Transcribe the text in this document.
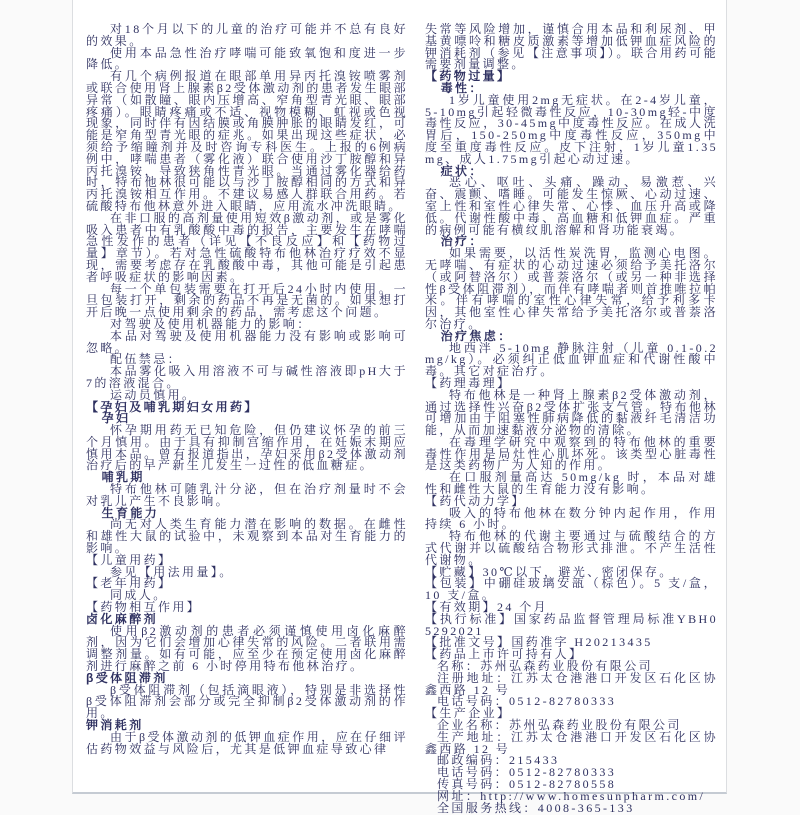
对18个月以下的儿童的治疗可能并不总有良好的效果。

使用本品急性治疗哮喘可能致氧饱和度进一步降低。

有几个病例报道在眼部单用异丙托溴铵喷雾剂或联合使用肾上腺素β2受体激动剂的患者发生眼部异常（如散瞳、眼内压增高、窄角型青光眼、眼部疼痛）。眼睛疼痛或不适、视物模糊、虹视或色视现象，同时伴有因结膜或角膜肿胀的眼睛发红，可能是窄角型青光眼的症兆。如果出现这些症状，必须给予缩瞳剂并及时咨询专科医生。上报的6例病例中，哮喘患者（雾化液）联合使用沙丁胺醇和异丙托溴铵，导致狭角性青光眼。当通过雾化器给药时，特布他林很可能以与沙丁胺醇相同的方式和异丙托溴铵相互作用。不建议易感人群联合用药。若硫酸特布他林意外进入眼睛，应用流水冲洗眼睛。

在非口服的高剂量使用短效β激动剂，或是雾化吸入患者中有乳酸酸中毒的报告，主要发生在哮喘急性发作的患者（详见【不良反应】和【药物过量】章节）。若对急性硫酸特布他林治疗疗效不显现，需要考虑存在乳酸酸中毒，其他可能是引起患者呼吸症状的影响因素。

每一个单包装需要在打开后24小时内使用。一旦包装打开，剩余的药品不再是无菌的。如果想打开后晚一点使用剩余的药品，需考虑这个问题。

对驾驶及使用机器能力的影响：

本品对驾驶及使用机器能力没有影响或影响可忽略。

配伍禁忌：

本品雾化吸入用溶液不可与碱性溶液即pH大于7的溶液混合。

运动员慎用。

【孕妇及哺乳期妇女用药】

孕妇

怀孕期用药无已知危险，但仍建议怀孕的前三个月慎用。由于具有抑制宫缩作用，在妊娠末期应慎用本品。曾有报道指出，孕妇采用β2受体激动剂治疗后的早产新生儿发生一过性的低血糖症。

哺乳期

特布他林可随乳汁分泌，但在治疗剂量时不会对乳儿产生不良影响。

生育能力

尚无对人类生育能力潜在影响的数据。在雌性和雄性大鼠的试验中，未观察到本品对生育能力的影响。

【儿童用药】

参见【用法用量】。

【老年用药】

同成人。

【药物相互作用】

卤化麻醉剂

使用β2激动剂的患者必须谨慎使用卤化麻醉剂，因为它们会增加心律失常的风险。二者联用需调整剂量。如有可能，应至少在预定使用卤化麻醉剂进行麻醉之前 6 小时停用特布他林治疗。

β受体阻滞剂

β受体阻滞剂（包括滴眼液），特别是非选择性β受体阻滞剂会部分或完全抑制β2受体激动剂的作用。

钾消耗剂

由于β受体激动剂的低钾血症作用，应在仔细评估药物效益与风险后，尤其是低钾血症导致心律

失常等风险增加，谨慎合用本品和利尿剂、甲基黄嘌呤和糖皮质激素等增加低钾血症风险的钾消耗剂（参见【注意事项】）。联合用药可能需要剂量调整。

【药物过量】

毒性：

1岁儿童使用2mg无症状。在2-4岁儿童，5-10mg引起轻微毒性反应，10-30mg轻-中度毒性反应，30-45mg中度毒性反应。在成人洗胃后，150-250mg中度毒性反应，350mg中度至重度毒性反应。皮下注射，1岁儿童1.35mg、成人1.75mg引起心动过速。

症状：

恶心、呕吐、头痛、躁动、易激惹、兴奋、震颤、嗜睡。可能发生惊厥、心动过速、室上性和室性心律失常、心悸、血压升高或降低。代谢性酸中毒、高血糖和低钾血症。严重的病例可能有横纹肌溶解和肾功能衰竭。

治疗：

如果需要，以活性炭洗胃，监测心电图。无哮喘、有症状的心动过速必须给予美托洛尔（或阿替洛尔）或普萘洛尔（或另一种非选择性β受体阻滞剂），而伴有哮喘者则首推唯拉帕米。伴有哮喘的室性心律失常，给予利多卡因，其他室性心律失常给予美托洛尔或普萘洛尔治疗。

治疗焦虑：

地西泮 5-10mg 静脉注射（儿童 0.1-0.2mg/kg）。必须纠正低血钾血症和代谢性酸中毒。其它对症治疗。

【药理毒理】

特布他林是一种肾上腺素β2受体激动剂，通过选择性兴奋β2受体扩张支气管。特布他林可增加由于阻塞性肺病降低的黏液纤毛清洁功能，从而加速黏液分泌物的清除。

在毒理学研究中观察到的特布他林的重要毒性作用是局灶性心肌坏死。该类型心脏毒性是这类药物广为人知的作用。

在口服剂量高达 50mg/kg 时，本品对雄性和雌性大鼠的生育能力没有影响。

【药代动力学】

吸入的特布他林在数分钟内起作用，作用持续 6 小时。

特布他林的代谢主要通过与硫酸结合的方式代谢并以硫酸结合物形式排泄。不产生活性代谢物。

【贮藏】30℃以下，避光、密闭保存。

【包装】中硼硅玻璃安瓿（棕色）。5 支/盒，10 支/盒。

【有效期】24 个月

【执行标准】国家药品监督管理局标准YBH05292021

【批准文号】国药准字 H20213435

【药品上市许可持有人】

名称：苏州弘森药业股份有限公司

注册地址：江苏太仓港港口开发区石化区协鑫西路 12 号

电话号码：0512-82780333

【生产企业】

企业名称：苏州弘森药业股份有限公司

生产地址：江苏太仓港港口开发区石化区协鑫西路 12 号

邮政编码：215433

电话号码：0512-82780333

传真号码：0512-82780558

网址：http://www.homesunpharm.com/

全国服务热线：4008-365-133
